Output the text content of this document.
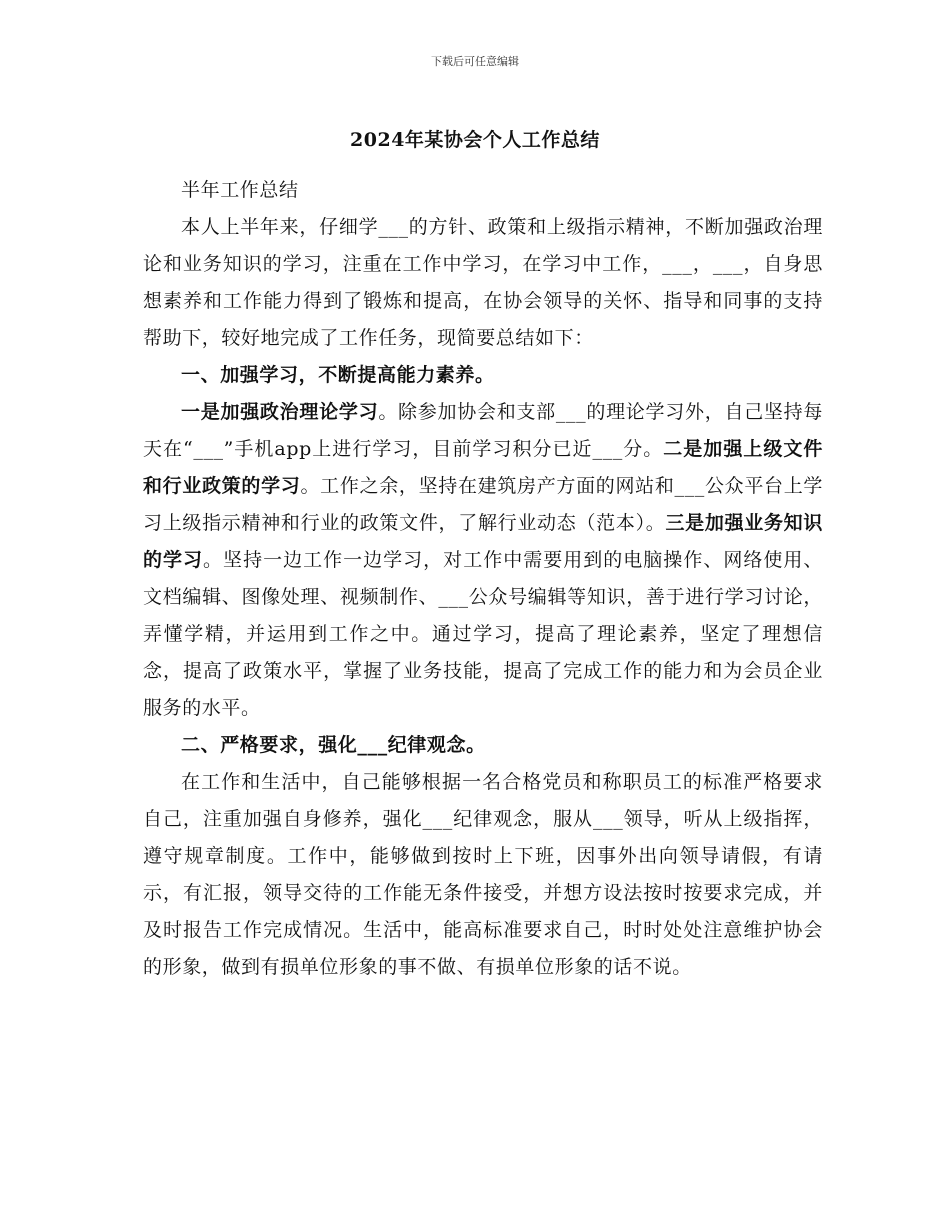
下载后可任意编辑
2024年某协会个人工作总结

半年工作总结

本人上半年来，仔细学___的方针、政策和上级指示精神，不断加强政治理论和业务知识的学习，注重在工作中学习，在学习中工作，___，___，自身思想素养和工作能力得到了锻炼和提高，在协会领导的关怀、指导和同事的支持帮助下，较好地完成了工作任务，现简要总结如下：

一、加强学习，不断提高能力素养。

一是加强政治理论学习。除参加协会和支部___的理论学习外，自己坚持每天在“___”手机app上进行学习，目前学习积分已近___分。二是加强上级文件和行业政策的学习。工作之余，坚持在建筑房产方面的网站和___公众平台上学习上级指示精神和行业的政策文件，了解行业动态（范本）。三是加强业务知识的学习。坚持一边工作一边学习，对工作中需要用到的电脑操作、网络使用、文档编辑、图像处理、视频制作、___公众号编辑等知识，善于进行学习讨论，弄懂学精，并运用到工作之中。通过学习，提高了理论素养，坚定了理想信念，提高了政策水平，掌握了业务技能，提高了完成工作的能力和为会员企业服务的水平。

二、严格要求，强化___纪律观念。

在工作和生活中，自己能够根据一名合格党员和称职员工的标准严格要求自己，注重加强自身修养，强化___纪律观念，服从___领导，听从上级指挥，遵守规章制度。工作中，能够做到按时上下班，因事外出向领导请假，有请示，有汇报，领导交待的工作能无条件接受，并想方设法按时按要求完成，并及时报告工作完成情况。生活中，能高标准要求自己，时时处处注意维护协会的形象，做到有损单位形象的事不做、有损单位形象的话不说。
